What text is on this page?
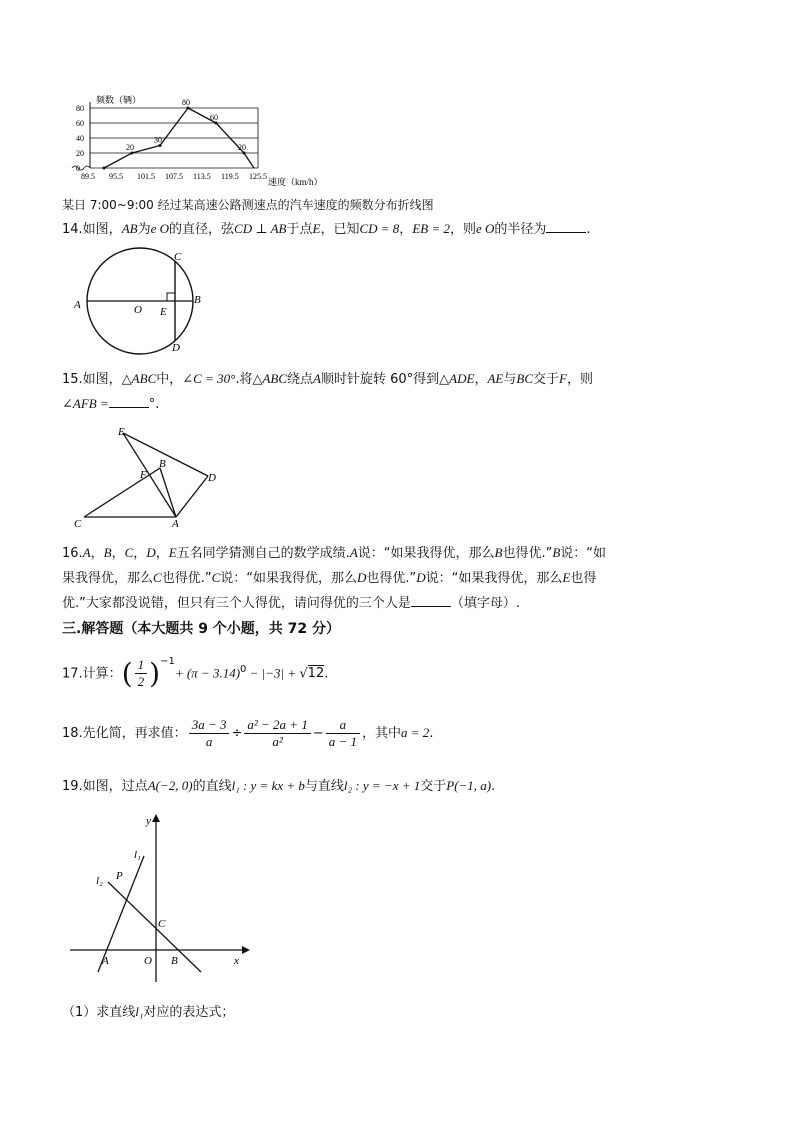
80
60
40
20
0
89.5 95.5 101.5 107.5 113.5 119.5 125.5
20
30
80
60
20
频数（辆）
速度（km/h）
某日 7:00~9:00 经过某高速公路测速点的汽车速度的频数分布折线图
14.如图，AB为e O的直径，弦CD ⊥ AB于点E，已知CD = 8，EB = 2，则e O的半径为	.
A	B
C
D
O E
15.如图，△ABC中，∠C = 30°.将△ABC绕点A顺时针旋转 60°得到△ADE，AE与BC交于F，则
∠AFB =	°.
E
B
F	D
C	A
16.A，B，C，D，E五名同学猜测自己的数学成绩.A说：“如果我得优，那么B也得优.”B说：“如
果我得优，那么C也得优.”C说：“如果我得优，那么D也得优.”D说：“如果我得优，那么E也得
优.”大家都没说错，但只有三个人得优，请问得优的三个人是	（填字母）.
三.解答题（本大题共 9 个小题，共 72 分）
17.计算：( $\frac{1}{2} )^{-1}+ (\pi - 3.14)^0 - |-3| + √12$.
18.先化简，再求值： $\frac{3a - 3}{a} \div \frac{\text{a² − 2a + 1}}{\text{a²}} - \frac{a}{a - 1}$ ，其中a = 2.
19.如图，过点A(−2, 0)的直线l₁ : y = kx + b与直线l₂ : y = −x + 1交于P(−1, a).
y
x
l₁
l₂ P
C
A	O B
（1）求直线l₁对应的表达式；
